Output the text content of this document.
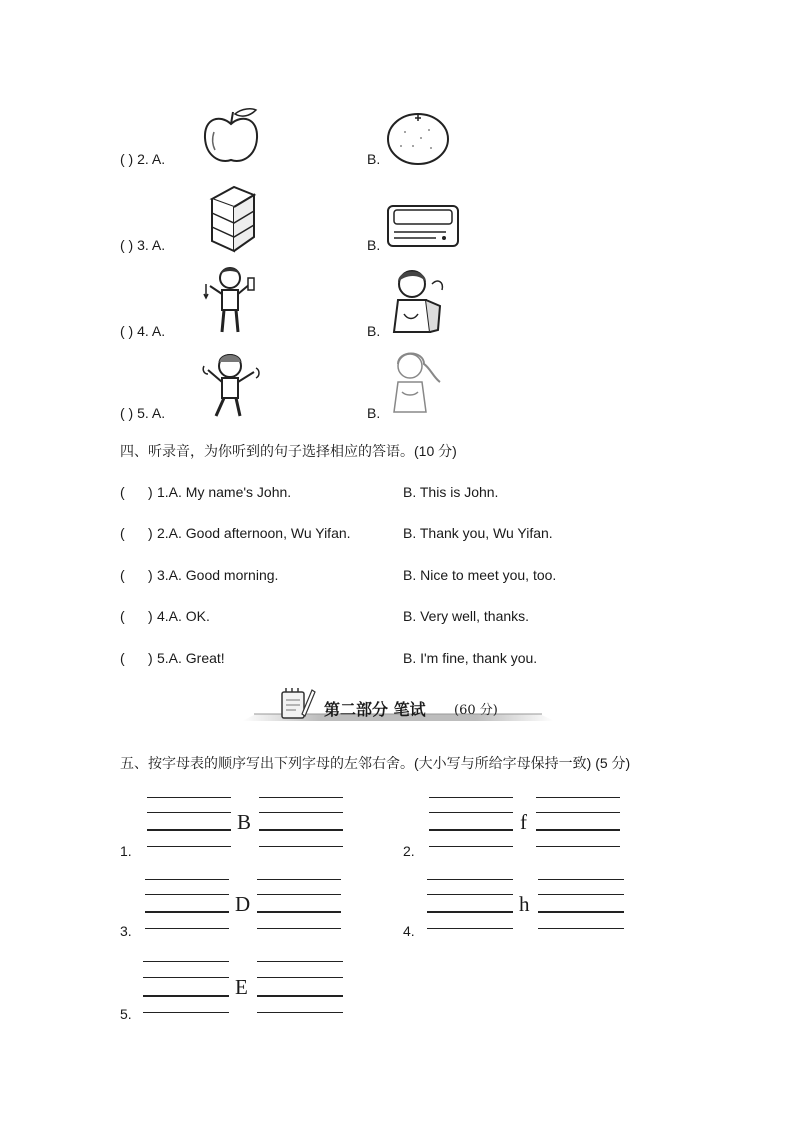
( ) 2. A.	B.
( ) 3. A.	B.
( ) 4. A.	B.
( ) 5. A.	B.
四、听录音，为你听到的句子选择相应的答语。(10 分)
(      ) 1.A. My name's John.	B. This is John.
(      ) 2.A. Good afternoon, Wu Yifan.	B. Thank you, Wu Yifan.
(      ) 3.A. Good morning.	B. Nice to meet you, too.
(      ) 4.A. OK.	B. Very well, thanks.
(      ) 5.A. Great!	B. I'm fine, thank you.
第二部分 笔试 (60 分)
五、按字母表的顺序写出下列字母的左邻右舍。(大小写与所给字母保持一致) (5 分)
B
1.
f
2.
D
3.
h
4.
E
5.
